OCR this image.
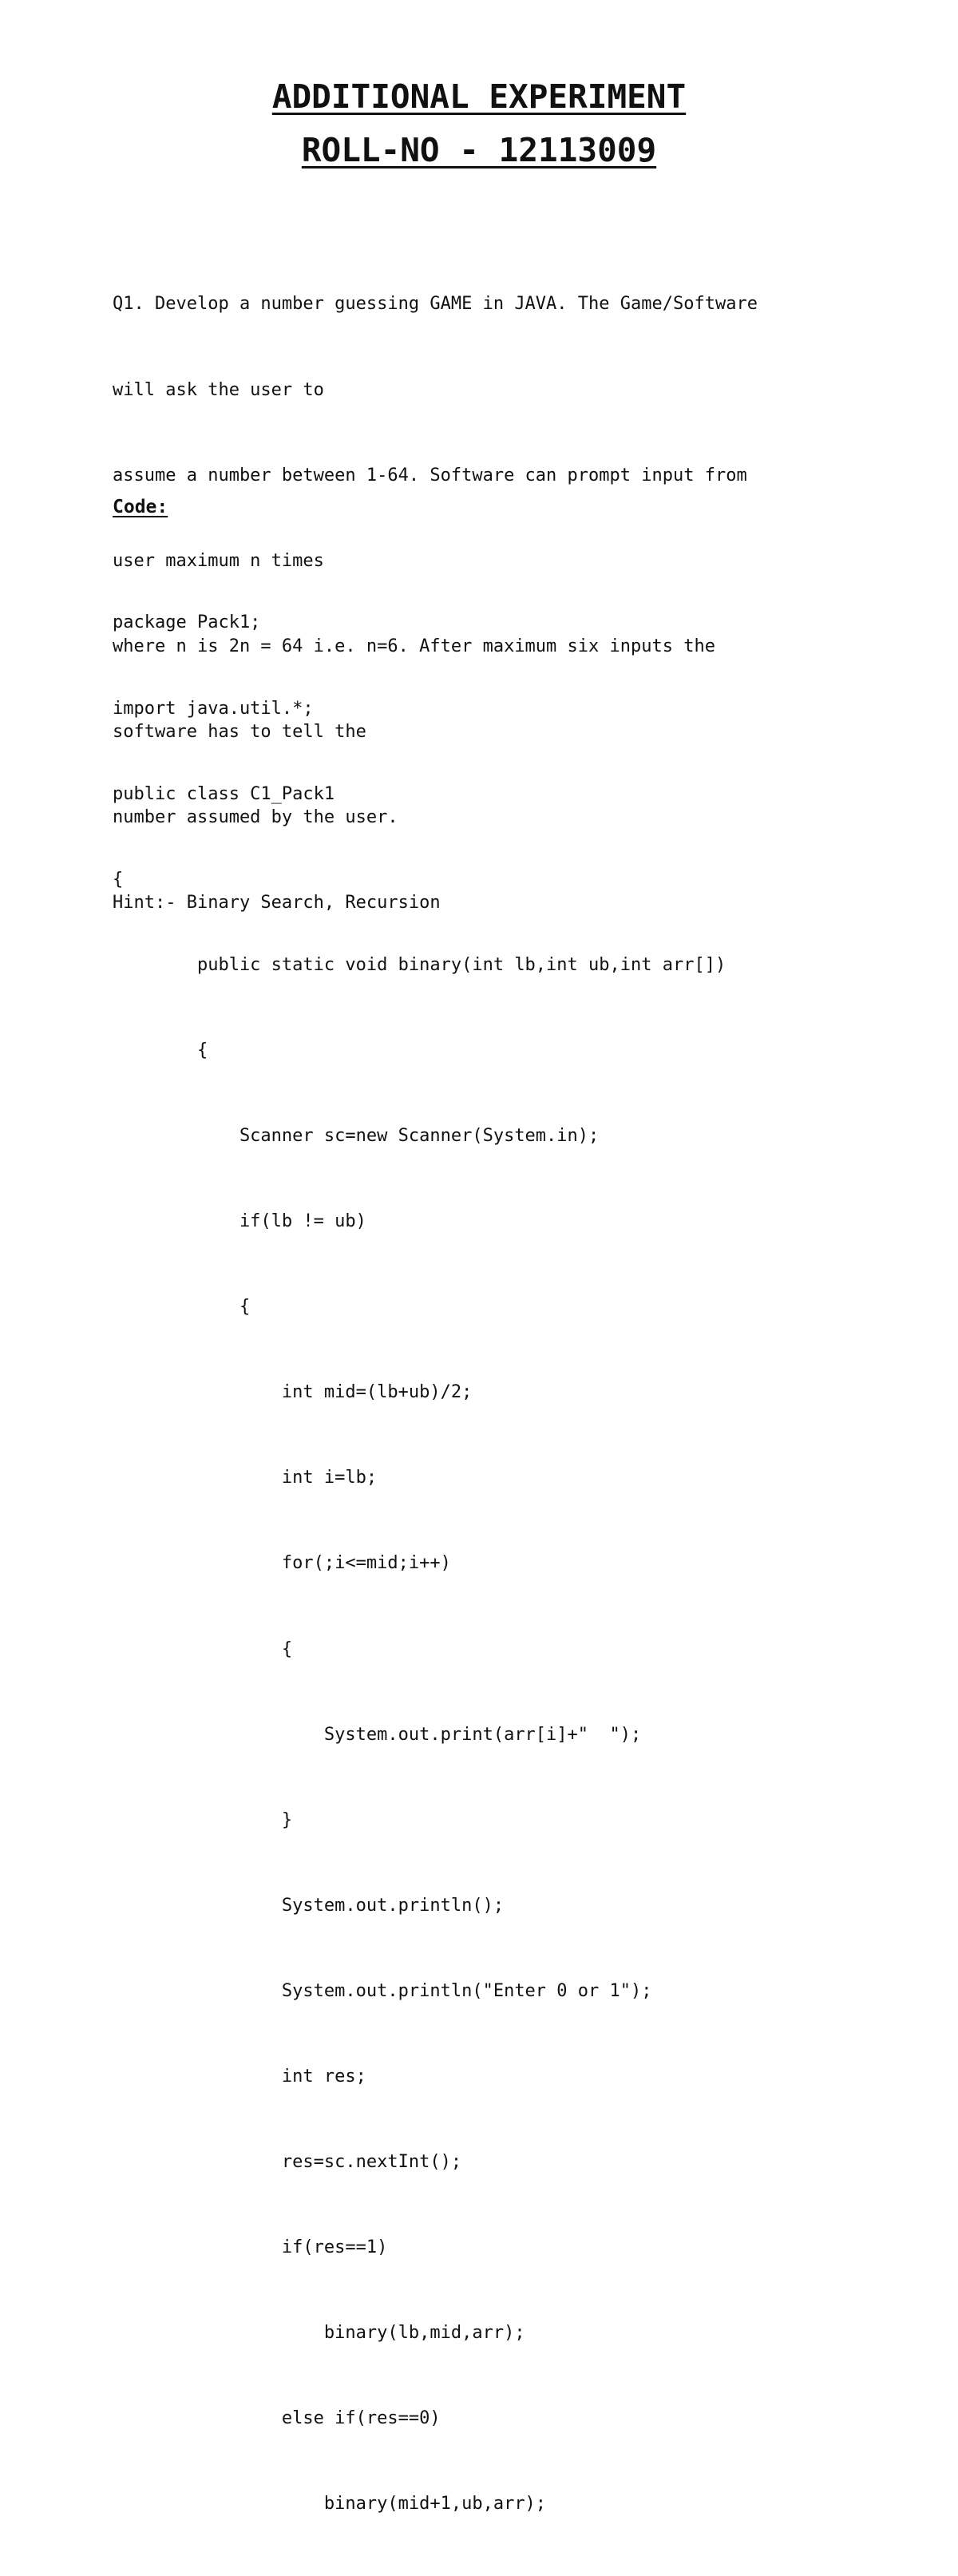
ADDITIONAL EXPERIMENT
ROLL-NO - 12113009

Q1. Develop a number guessing GAME in JAVA. The Game/Software

will ask the user to

assume a number between 1-64. Software can prompt input from

user maximum n times

where n is 2n = 64 i.e. n=6. After maximum six inputs the

software has to tell the

number assumed by the user.

Hint:- Binary Search, Recursion

Code:

package Pack1;

import java.util.*;

public class C1_Pack1

{

public static void binary(int lb,int ub,int arr[])

{

Scanner sc=new Scanner(System.in);

if(lb != ub)

{

int mid=(lb+ub)/2;

int i=lb;

for(;i<=mid;i++)

{

System.out.print(arr[i]+"  ");

}

System.out.println();

System.out.println("Enter 0 or 1");

int res;

res=sc.nextInt();

if(res==1)

binary(lb,mid,arr);

else if(res==0)

binary(mid+1,ub,arr);
